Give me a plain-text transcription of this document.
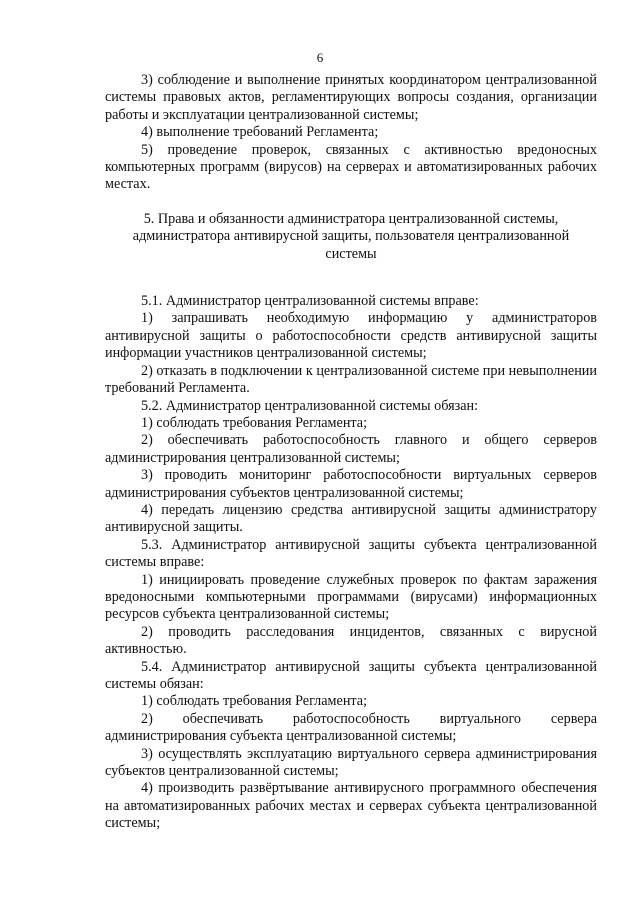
6

3) соблюдение и выполнение принятых координатором централизованной системы правовых актов, регламентирующих вопросы создания, организации работы и эксплуатации централизованной системы;

4) выполнение требований Регламента;

5) проведение проверок, связанных с активностью вредоносных компьютерных программ (вирусов) на серверах и автоматизированных рабочих местах.

5. Права и обязанности администратора централизованной системы, администратора антивирусной защиты, пользователя централизованной системы

5.1. Администратор централизованной системы вправе:

1) запрашивать необходимую информацию у администраторов антивирусной защиты о работоспособности средств антивирусной защиты информации участников централизованной системы;

2) отказать в подключении к централизованной системе при невыполнении требований Регламента.

5.2. Администратор централизованной системы обязан:

1) соблюдать требования Регламента;

2) обеспечивать работоспособность главного и общего серверов администрирования централизованной системы;

3) проводить мониторинг работоспособности виртуальных серверов администрирования субъектов централизованной системы;

4) передать лицензию средства антивирусной защиты администратору антивирусной защиты.

5.3. Администратор антивирусной защиты субъекта централизованной системы вправе:

1) инициировать проведение служебных проверок по фактам заражения вредоносными компьютерными программами (вирусами) информационных ресурсов субъекта централизованной системы;

2) проводить расследования инцидентов, связанных с вирусной активностью.

5.4. Администратор антивирусной защиты субъекта централизованной системы обязан:

1) соблюдать требования Регламента;

2) обеспечивать работоспособность виртуального сервера администрирования субъекта централизованной системы;

3) осуществлять эксплуатацию виртуального сервера администрирования субъектов централизованной системы;

4) производить развёртывание антивирусного программного обеспечения на автоматизированных рабочих местах и серверах субъекта централизованной системы;
